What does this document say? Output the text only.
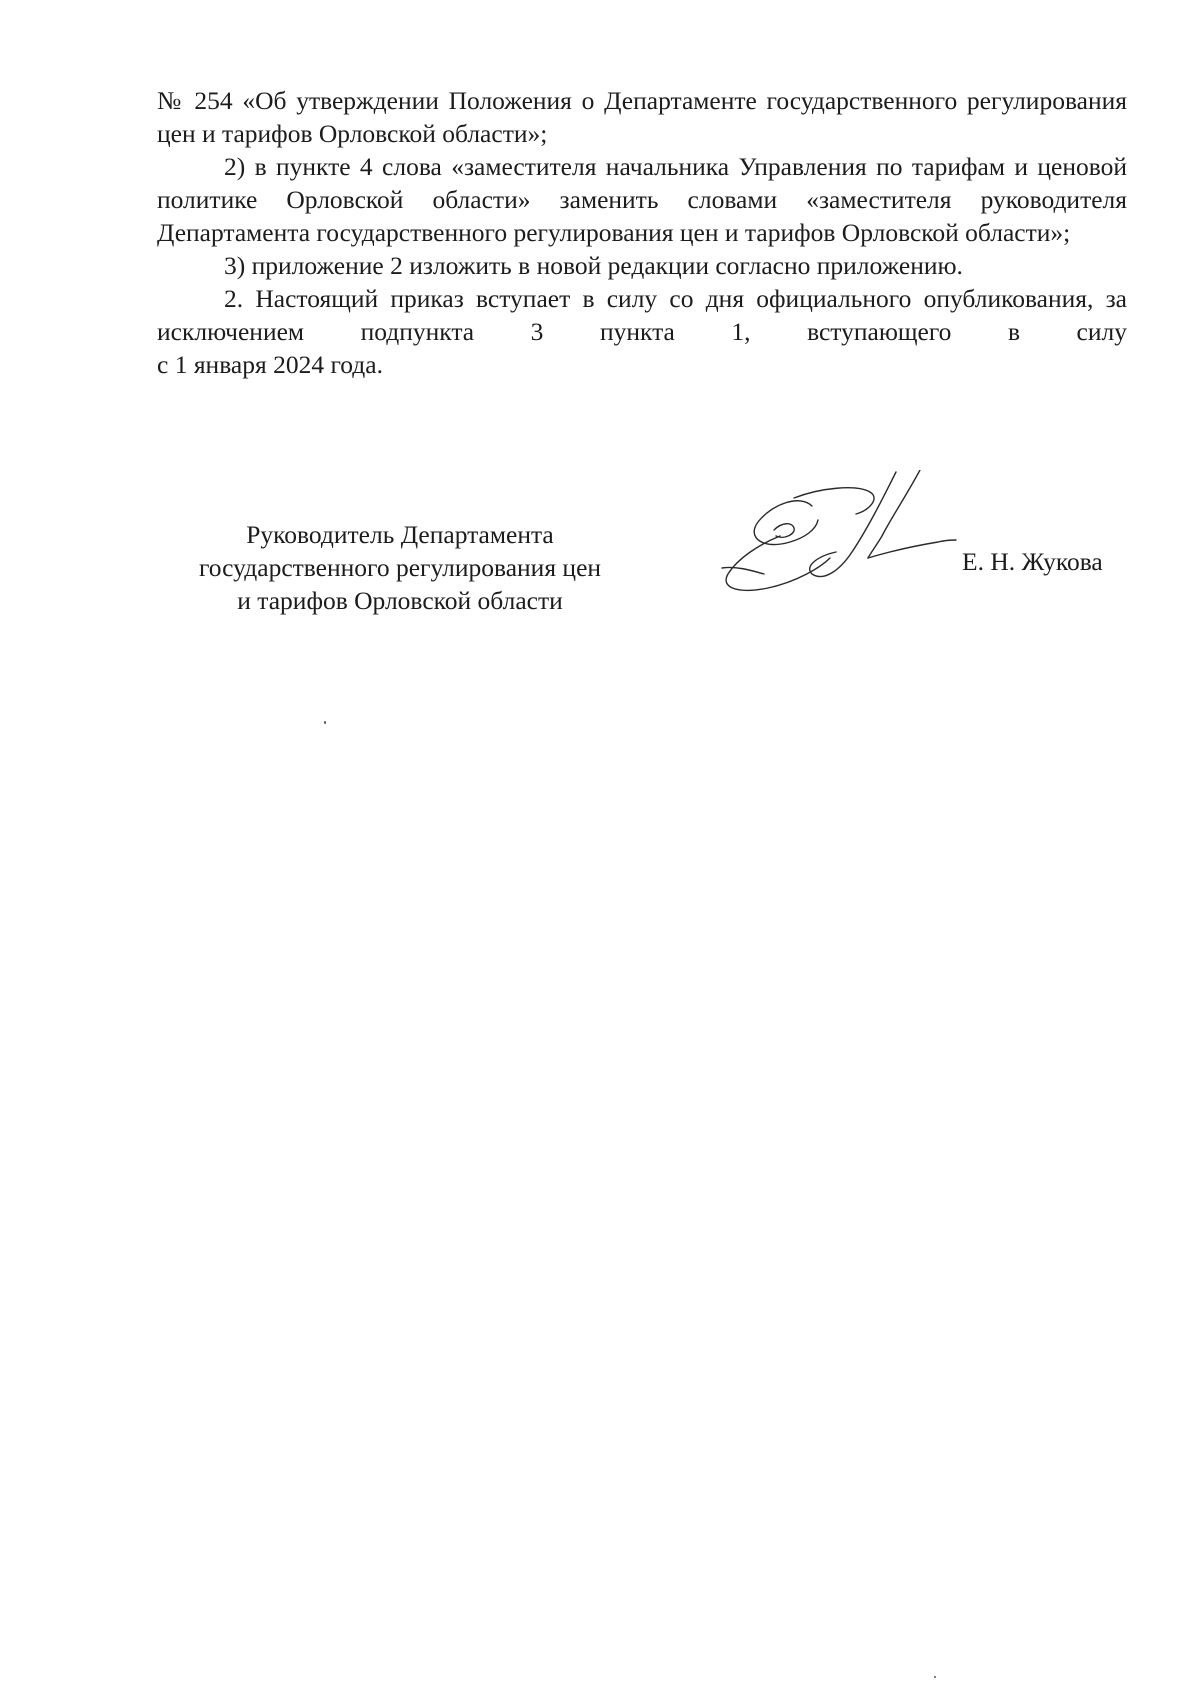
№ 254 «Об утверждении Положения о Департаменте государственного регулирования цен и тарифов Орловской области»;

2) в пункте 4 слова «заместителя начальника Управления по тарифам и ценовой политике Орловской области» заменить словами «заместителя руководителя Департамента государственного регулирования цен и тарифов Орловской области»;

3) приложение 2 изложить в новой редакции согласно приложению.

2. Настоящий приказ вступает в силу со дня официального опубликования, за исключением подпункта 3 пункта 1, вступающего в силу

с 1 января 2024 года.

Руководитель Департамента
государственного регулирования цен
и тарифов Орловской области
Е. Н. Жукова
